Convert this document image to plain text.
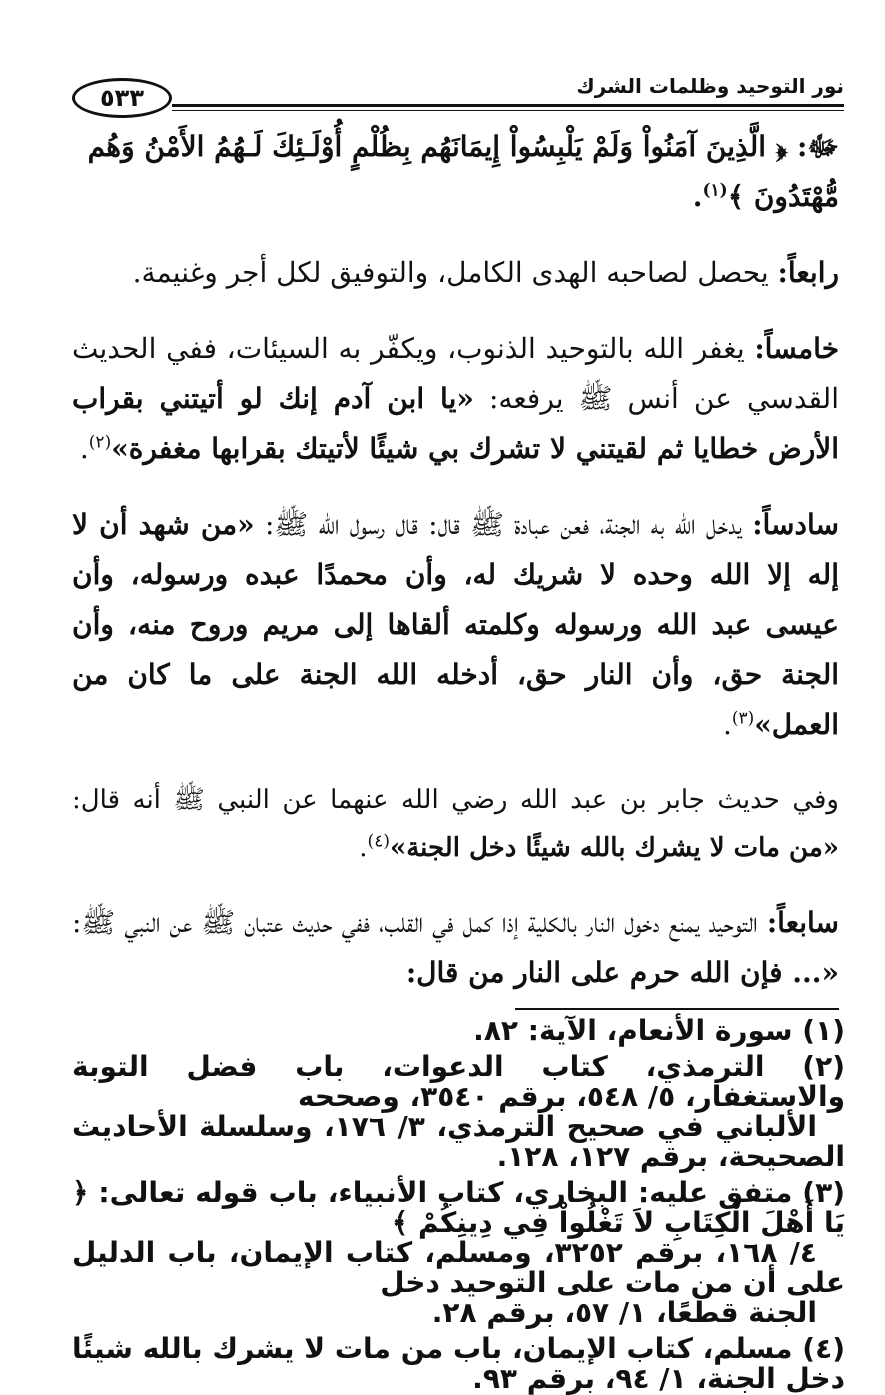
نور التوحيد وظلمات الشرك
٥٣٣

ﷻ: ﴿ الَّذِينَ آمَنُواْ وَلَمْ يَلْبِسُواْ إِيمَانَهُم بِظُلْمٍ أُوْلَـئِكَ لَـهُمُ الأَمْنُ وَهُم
مُّهْتَدُونَ ﴾$^{(١)}$.

رابعاً: يحصل لصاحبه الهدى الكامل، والتوفيق لكل أجر وغنيمة.

خامساً: يغفر الله بالتوحيد الذنوب، ويكفّر به السيئات، ففي الحديث القدسي عن أنس ﷺ يرفعه: «يا ابن آدم إنك لو أتيتني بقراب الأرض خطايا ثم لقيتني لا تشرك بي شيئًا لأتيتك بقرابها مغفرة»$^{(٢)}$.

سادساً: يدخل الله به الجنة، فعن عبادة ﷺ قال: قال رسول الله ﷺ: «من شهد أن لا إله إلا الله وحده لا شريك له، وأن محمدًا عبده ورسوله، وأن عيسى عبد الله ورسوله وكلمته ألقاها إلى مريم وروح منه، وأن الجنة حق، وأن النار حق، أدخله الله الجنة على ما كان من العمل»$^{(٣)}$.

وفي حديث جابر بن عبد الله رضي الله عنهما عن النبي ﷺ أنه قال: «من مات لا يشرك بالله شيئًا دخل الجنة»$^{(٤)}$.

سابعاً: التوحيد يمنع دخول النار بالكلية إذا كمل في القلب، ففي حديث عتبان ﷺ عن النبي ﷺ: «... فإن الله حرم على النار من قال:

(١) سورة الأنعام، الآية: ٨٢.

(٢) الترمذي، كتاب الدعوات، باب فضل التوبة والاستغفار، ٥/ ٥٤٨، برقم ٣٥٤٠، وصححه
الألباني في صحيح الترمذي، ٣/ ١٧٦، وسلسلة الأحاديث الصحيحة، برقم ١٢٧، ١٢٨.

(٣) متفق عليه: البخاري، كتاب الأنبياء، باب قوله تعالى: ﴿ يَا أَهْلَ الْكِتَابِ لاَ تَغْلُواْ فِي دِينِكُمْ ﴾
٤/ ١٦٨، برقم ٣٢٥٢، ومسلم، كتاب الإيمان، باب الدليل على أن من مات على التوحيد دخل
الجنة قطعًا، ١/ ٥٧، برقم ٢٨.

(٤) مسلم، كتاب الإيمان، باب من مات لا يشرك بالله شيئًا دخل الجنة، ١/ ٩٤، برقم ٩٣.
